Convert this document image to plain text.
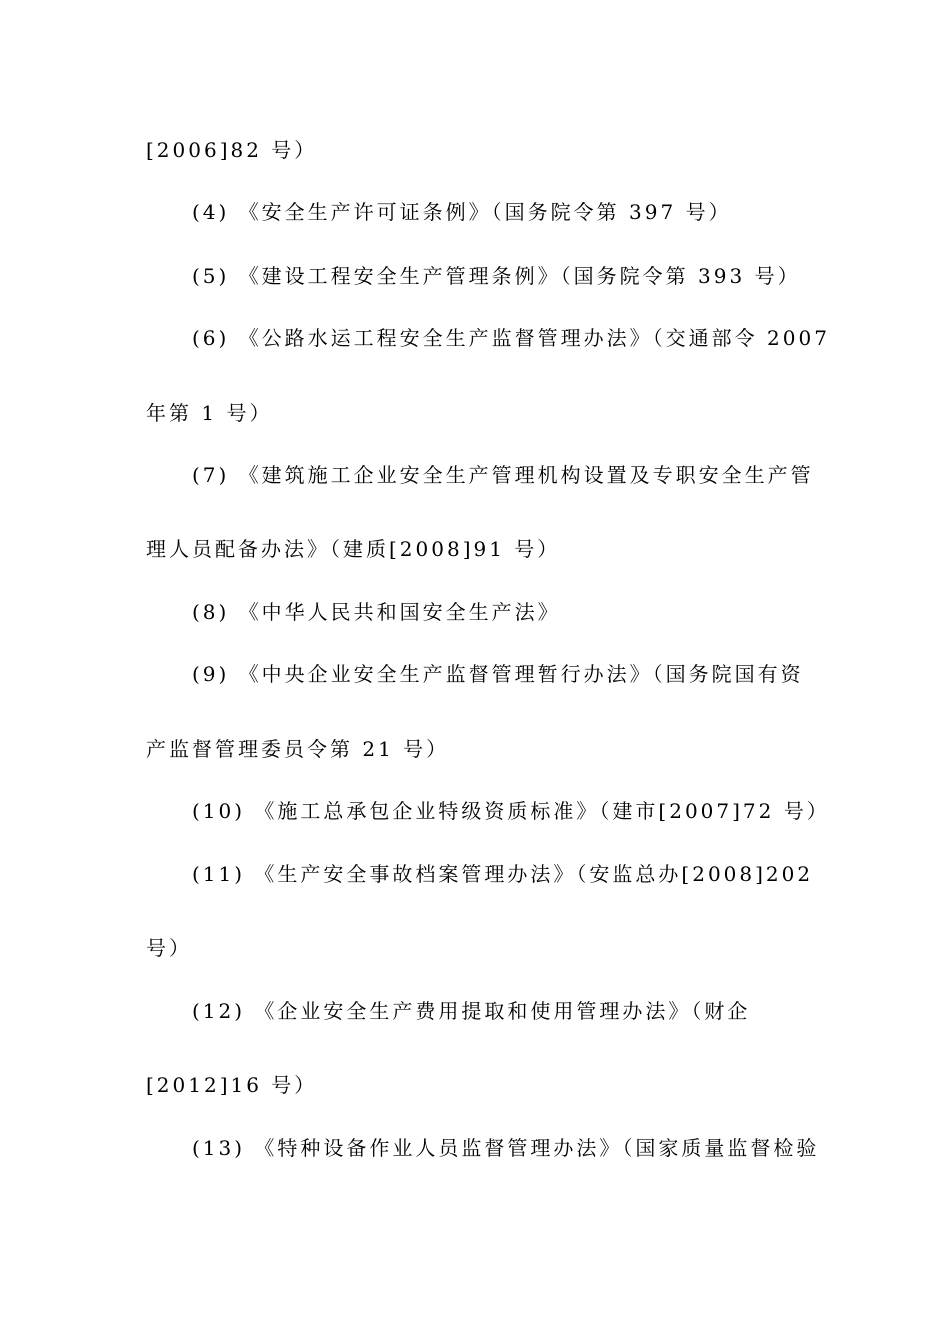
[2006]82 号）
(4) 《安全生产许可证条例》（国务院令第 397 号）
(5) 《建设工程安全生产管理条例》（国务院令第 393 号）
(6) 《公路水运工程安全生产监督管理办法》（交通部令 2007
年第 1 号）
(7) 《建筑施工企业安全生产管理机构设置及专职安全生产管
理人员配备办法》（建质[2008]91 号）
(8) 《中华人民共和国安全生产法》
(9) 《中央企业安全生产监督管理暂行办法》（国务院国有资
产监督管理委员令第 21 号）
(10) 《施工总承包企业特级资质标准》（建市[2007]72 号）
(11) 《生产安全事故档案管理办法》（安监总办[2008]202
号）
(12) 《企业安全生产费用提取和使用管理办法》（财企
[2012]16 号）
(13) 《特种设备作业人员监督管理办法》（国家质量监督检验
